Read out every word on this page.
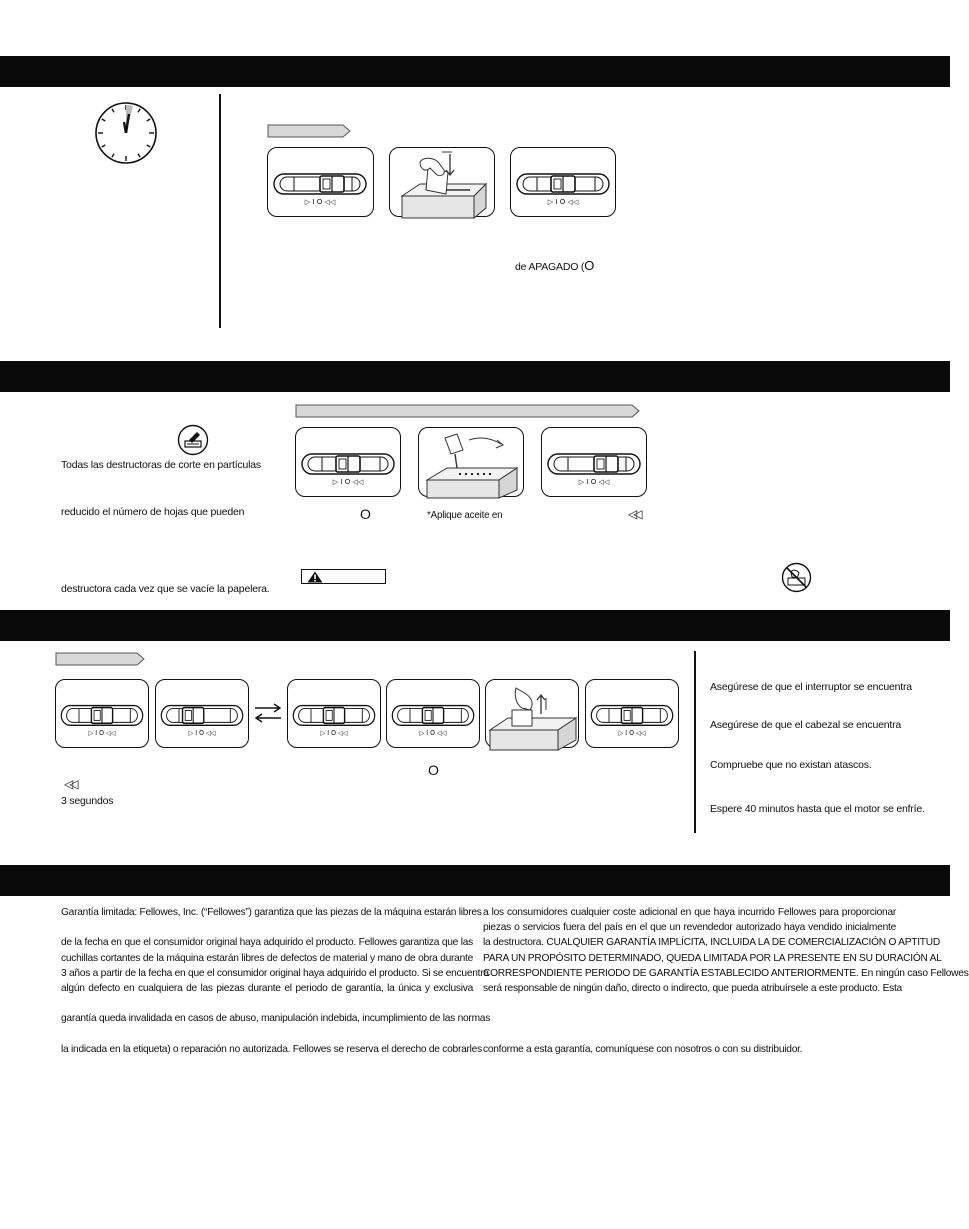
▷ I O ◁◁	▷ I O ◁◁
de APAGADO (O
Todas las destructoras de corte en partículas
reducido el número de hojas que pueden
destructora cada vez que se vacíe la papelera.
▷ I O ◁◁	▷ I O ◁◁
O	*Aplique aceite en	◁◁
▷ I O ◁◁	▷ I O ◁◁	▷ I O ◁◁	▷ I O ◁◁	▷ I O ◁◁
◁◁
3 segundos
O
Asegúrese de que el interruptor se encuentra
Asegúrese de que el cabezal se encuentra
Compruebe que no existan atascos.
Espere 40 minutos hasta que el motor se enfríe.
Garantía limitada: Fellowes, Inc. (“Fellowes”) garantiza que las piezas de la máquina estarán libres
de la fecha en que el consumidor original haya adquirido el producto. Fellowes garantiza que las
cuchillas cortantes de la máquina estarán libres de defectos de material y mano de obra durante
3 años a partir de la fecha en que el consumidor original haya adquirido el producto. Si se encuentra
algún defecto en cualquiera de las piezas durante el periodo de garantía, la única y exclusiva
garantía queda invalidada en casos de abuso, manipulación indebida, incumplimiento de las normas
la indicada en la etiqueta) o reparación no autorizada. Fellowes se reserva el derecho de cobrarles
a los consumidores cualquier coste adicional en que haya incurrido Fellowes para proporcionar
piezas o servicios fuera del país en el que un revendedor autorizado haya vendido inicialmente
la destructora. CUALQUIER GARANTÍA IMPLÍCITA, INCLUIDA LA DE COMERCIALIZACIÓN O APTITUD
PARA UN PROPÓSITO DETERMINADO, QUEDA LIMITADA POR LA PRESENTE EN SU DURACIÓN AL
CORRESPONDIENTE PERIODO DE GARANTÍA ESTABLECIDO ANTERIORMENTE. En ningún caso Fellowes
será responsable de ningún daño, directo o indirecto, que pueda atribuírsele a este producto. Esta
conforme a esta garantía, comuníquese con nosotros o con su distribuidor.
